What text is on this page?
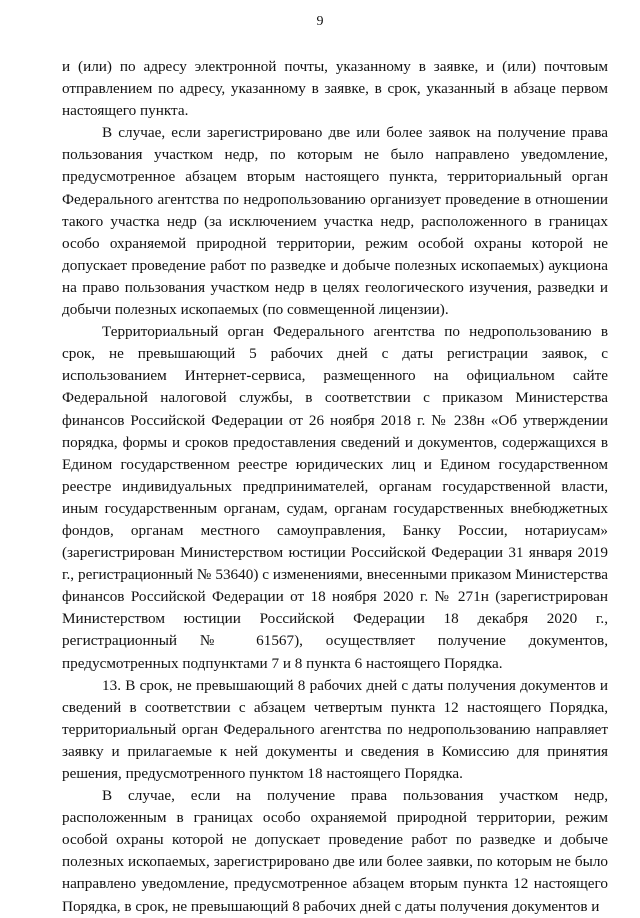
9

и (или) по адресу электронной почты, указанному в заявке, и (или) почтовым отправлением по адресу, указанному в заявке, в срок, указанный в абзаце первом настоящего пункта.

В случае, если зарегистрировано две или более заявок на получение права пользования участком недр, по которым не было направлено уведомление, предусмотренное абзацем вторым настоящего пункта, территориальный орган Федерального агентства по недропользованию организует проведение в отношении такого участка недр (за исключением участка недр, расположенного в границах особо охраняемой природной территории, режим особой охраны которой не допускает проведение работ по разведке и добыче полезных ископаемых) аукциона на право пользования участком недр в целях геологического изучения, разведки и добычи полезных ископаемых (по совмещенной лицензии).

Территориальный орган Федерального агентства по недропользованию в срок, не превышающий 5 рабочих дней с даты регистрации заявок, с использованием Интернет-сервиса, размещенного на официальном сайте Федеральной налоговой службы, в соответствии с приказом Министерства финансов Российской Федерации от 26 ноября 2018 г. № 238н «Об утверждении порядка, формы и сроков предоставления сведений и документов, содержащихся в Едином государственном реестре юридических лиц и Едином государственном реестре индивидуальных предпринимателей, органам государственной власти, иным государственным органам, судам, органам государственных внебюджетных фондов, органам местного самоуправления, Банку России, нотариусам» (зарегистрирован Министерством юстиции Российской Федерации 31 января 2019 г., регистрационный № 53640) с изменениями, внесенными приказом Министерства финансов Российской Федерации от 18 ноября 2020 г. № 271н (зарегистрирован Министерством юстиции Российской Федерации 18 декабря 2020 г., регистрационный № 61567), осуществляет получение документов, предусмотренных подпунктами 7 и 8 пункта 6 настоящего Порядка.

13. В срок, не превышающий 8 рабочих дней с даты получения документов и сведений в соответствии с абзацем четвертым пункта 12 настоящего Порядка, территориальный орган Федерального агентства по недропользованию направляет заявку и прилагаемые к ней документы и сведения в Комиссию для принятия решения, предусмотренного пунктом 18 настоящего Порядка.

В случае, если на получение права пользования участком недр, расположенным в границах особо охраняемой природной территории, режим особой охраны которой не допускает проведение работ по разведке и добыче полезных ископаемых, зарегистрировано две или более заявки, по которым не было направлено уведомление, предусмотренное абзацем вторым пункта 12 настоящего Порядка, в срок, не превышающий 8 рабочих дней с даты получения документов и
